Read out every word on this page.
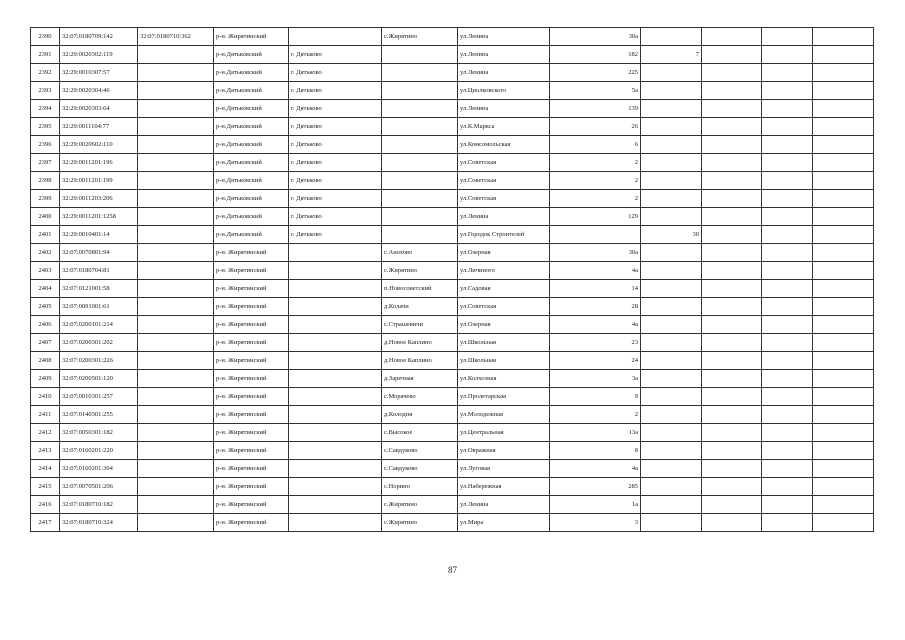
2390	32:07:0180709:142	32:07:0180710:362	р-н. Жирятинский		с.Жирятино	ул.Ленина	30а				
2391	32:29:0020302:119		р-н.Дятьковский	г. Дятьково		ул.Ленина	182	7			
2392	32:29:0010307:57		р-н.Дятьковский	г. Дятьково		ул.Ленина	225				
2393	32:29:0020304:46		р-н.Дятьковский	г. Дятьково		ул.Циолковского	5а				
2394	32:29:0020303:64		р-н.Дятьковский	г. Дятьково		ул.Ленина	139				
2395	32:29:0011104:77		р-н.Дятьковский	г. Дятьково		ул.К.Маркса	26				
2396	32:29:0020602:110		р-н.Дятьковский	г. Дятьково		ул.Комсомольская	6				
2397	32:29:0011201:196		р-н.Дятьковский	г. Дятьково		ул.Советская	2				
2398	32:29:0011201:199		р-н.Дятьковский	г. Дятьково		ул.Советская	2				
2399	32:29:0011203:206		р-н.Дятьковский	г. Дятьково		ул.Советская	2				
2400	32:29:0011201:1258		р-н.Дятьковский	г. Дятьково		ул.Ленина	129				
2401	32:29:0010401:14		р-н.Дятьковский	г. Дятьково		ул.Городок Строителей		30			
2402	32:07:0070801:94		р-н. Жирятинский		с.Анохово	ул.Озерная	30а				
2403	32:07:0180704:81		р-н. Жирятинский		с.Жирятино	ул.Личиного	4а				
2404	32:07:0121001:58		р-н. Жирятинский		п.Новосоветский	ул.Садовая	14				
2405	32:07:0091001:61		р-н. Жирятинский		д.Колачи	ул.Советская	28				
2406	32:07:0200101:214		р-н. Жирятинский		с.Страшевичи	ул.Озерная	4а				
2407	32:07:0200301:202		р-н. Жирятинский		д.Новое Каплино	ул.Школьная	23				
2408	32:07:0200301:226		р-н. Жирятинский		д.Новое Каплино	ул.Школьная	24				
2409	32:07:0200501:120		р-н. Жирятинский		д.Заречная	ул.Колхозная	3а				
2410	32:07:0010301:257		р-н. Жирятинский		с.Морачево	ул.Пролетарская	9				
2411	32:07:0140301:255		р-н. Жирятинский		д.Колодня	ул.Молодежная	2				
2412	32:07:0050301:182		р-н. Жирятинский		с.Высокое	ул.Центральная	13а				
2413	32:07:0160201:220		р-н. Жирятинский		с.Савдуково	ул.Овражная	8				
2414	32:07:0160201:304		р-н. Жирятинский		с.Савдуково	ул.Луговая	4а				
2415	32:07:0070501:206		р-н. Жирятинский		с.Норино	ул.Набережная	285				
2416	32:07:0180710:182		р-н. Жирятинский		с.Жирятино	ул.Ленина	1а				
2417	32:07:0180710:324		р-н. Жирятинский		с.Жирятино	ул.Мира	3				
87
